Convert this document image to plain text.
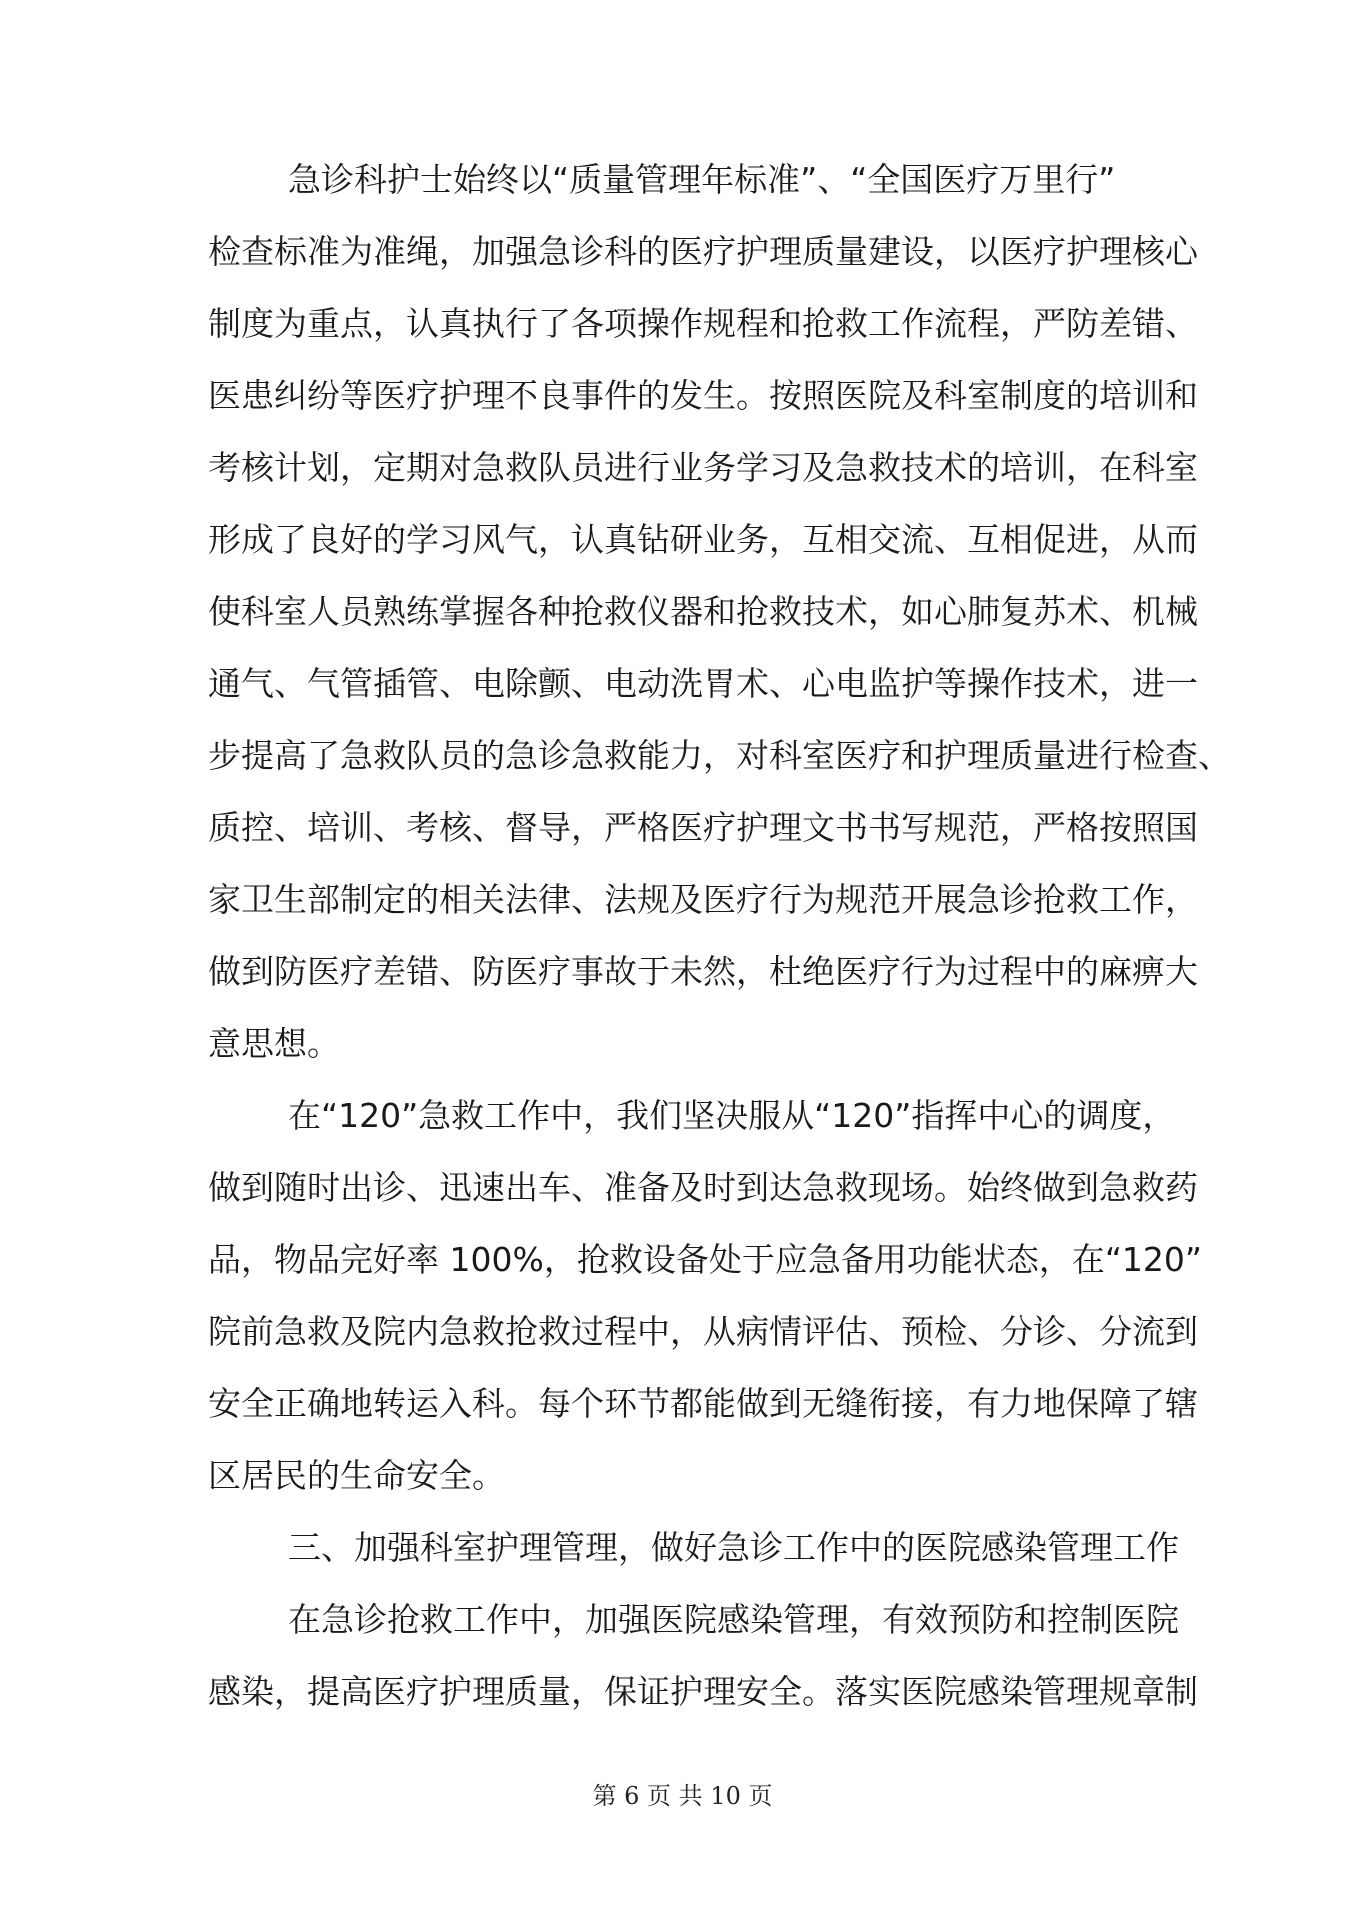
急诊科护士始终以“质量管理年标准”、“全国医疗万里行”
检查标准为准绳，加强急诊科的医疗护理质量建设，以医疗护理核心
制度为重点，认真执行了各项操作规程和抢救工作流程，严防差错、
医患纠纷等医疗护理不良事件的发生。按照医院及科室制度的培训和
考核计划，定期对急救队员进行业务学习及急救技术的培训，在科室
形成了良好的学习风气，认真钻研业务，互相交流、互相促进，从而
使科室人员熟练掌握各种抢救仪器和抢救技术，如心肺复苏术、机械
通气、气管插管、电除颤、电动洗胃术、心电监护等操作技术，进一
步提高了急救队员的急诊急救能力，对科室医疗和护理质量进行检查、
质控、培训、考核、督导，严格医疗护理文书书写规范，严格按照国
家卫生部制定的相关法律、法规及医疗行为规范开展急诊抢救工作，
做到防医疗差错、防医疗事故于未然，杜绝医疗行为过程中的麻痹大
意思想。
在“120”急救工作中，我们坚决服从“120”指挥中心的调度，
做到随时出诊、迅速出车、准备及时到达急救现场。始终做到急救药
品，物品完好率 100%，抢救设备处于应急备用功能状态，在“120”
院前急救及院内急救抢救过程中，从病情评估、预检、分诊、分流到
安全正确地转运入科。每个环节都能做到无缝衔接，有力地保障了辖
区居民的生命安全。
三、加强科室护理管理，做好急诊工作中的医院感染管理工作
在急诊抢救工作中，加强医院感染管理，有效预防和控制医院
感染，提高医疗护理质量，保证护理安全。落实医院感染管理规章制
第 6 页 共 10 页
